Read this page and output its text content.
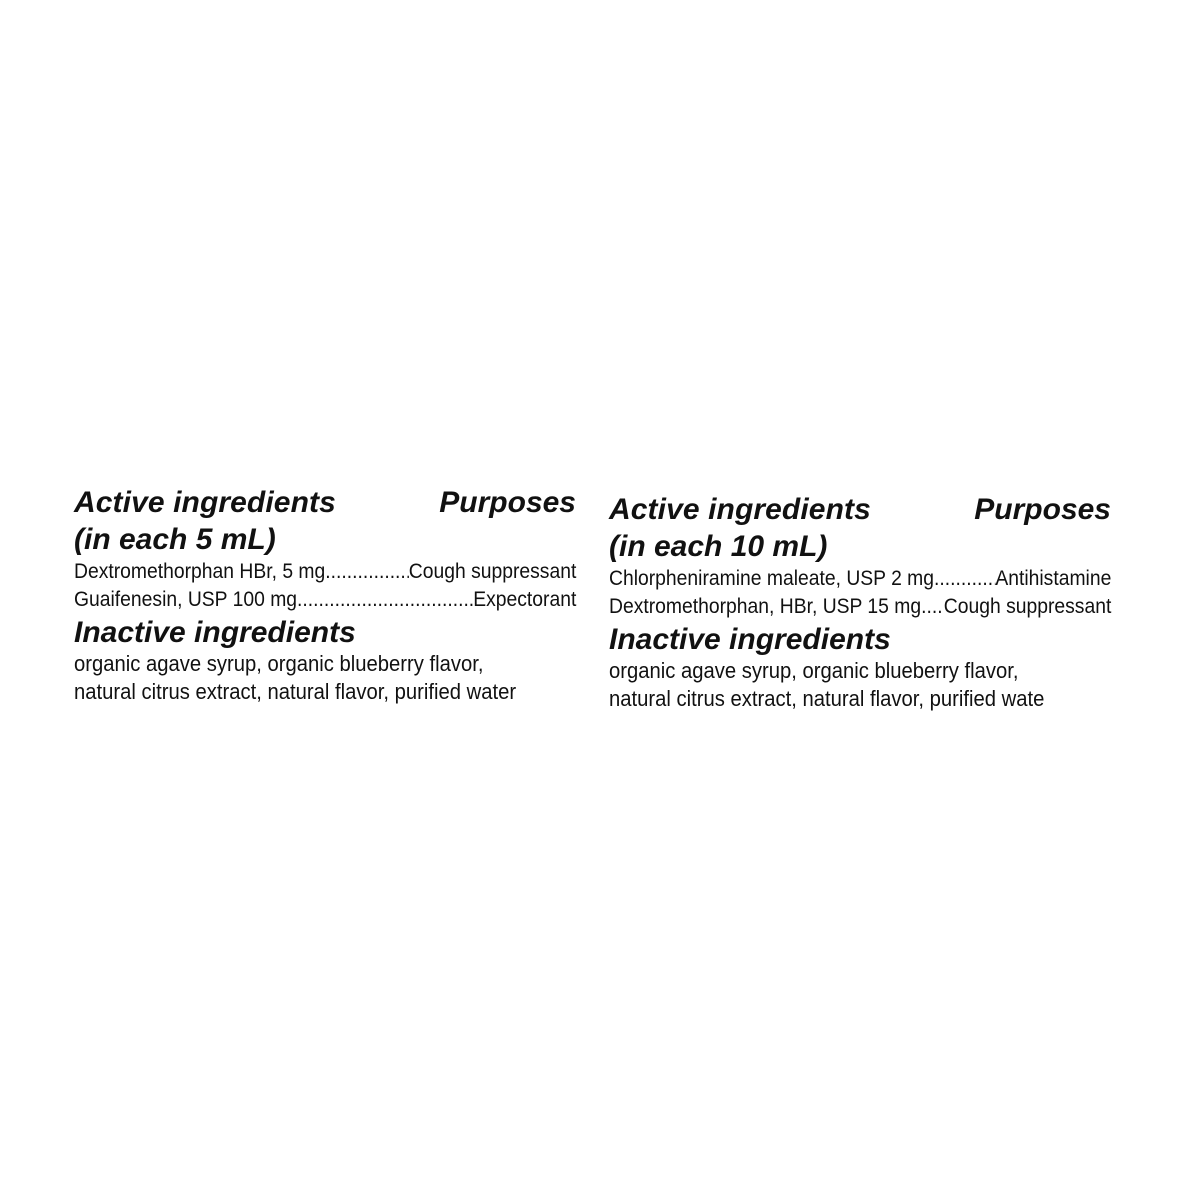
Active ingredients	Purposes
(in each 5 mL)
Dextromethorphan HBr, 5 mg .....	Cough suppressant
Guaifenesin, USP 100 mg .....	Expectorant
Inactive ingredients
organic agave syrup, organic blueberry flavor,
natural citrus extract, natural flavor, purified water
Active ingredients	Purposes
(in each 10 mL)
Chlorpheniramine maleate, USP 2 mg .....	Antihistamine
Dextromethorphan, HBr, USP 15 mg ..... Cough suppressant
Inactive ingredients
organic agave syrup, organic blueberry flavor,
natural citrus extract, natural flavor, purified wate
